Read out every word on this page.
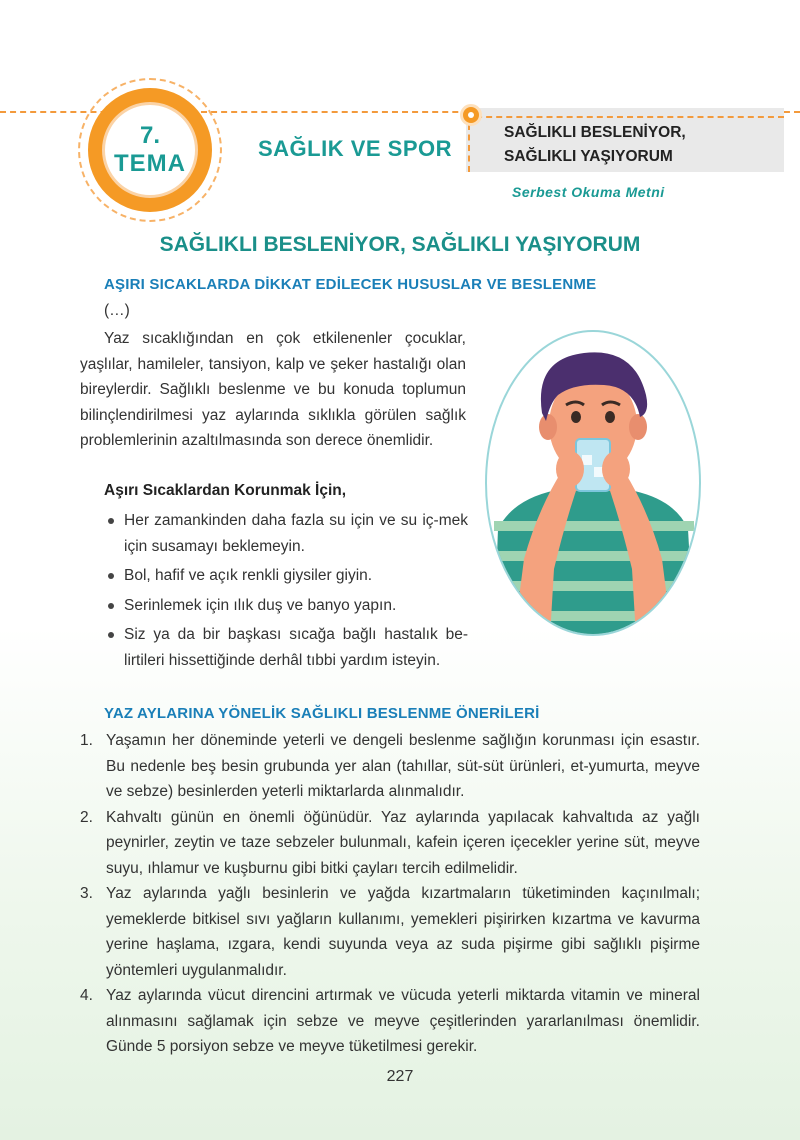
7.
TEMA
SAĞLIK VE SPOR
SAĞLIKLI BESLENİYOR,
SAĞLIKLI YAŞIYORUM
Serbest Okuma Metni
SAĞLIKLI BESLENİYOR, SAĞLIKLI YAŞIYORUM
AŞIRI SICAKLARDA DİKKAT EDİLECEK HUSUSLAR VE BESLENME
(…)
Yaz sıcaklığından en çok etkilenenler çocuklar, yaşlılar, hamileler, tansiyon, kalp ve şeker hastalığı olan bireylerdir. Sağlıklı beslenme ve bu konuda toplumun bilinçlendirilmesi yaz aylarında sıklıkla görülen sağlık problemlerinin azaltılmasında son derece önemlidir.
Aşırı Sıcaklardan Korunmak İçin,
Her zamankinden daha fazla su için ve su iç-mek için susamayı beklemeyin.
Bol, hafif ve açık renkli giysiler giyin.
Serinlemek için ılık duş ve banyo yapın.
Siz ya da bir başkası sıcağa bağlı hastalık be-lirtileri hissettiğinde derhâl tıbbi yardım isteyin.
YAZ AYLARINA YÖNELİK SAĞLIKLI BESLENME ÖNERİLERİ
1. Yaşamın her döneminde yeterli ve dengeli beslenme sağlığın korunması için esastır. Bu nedenle beş besin grubunda yer alan (tahıllar, süt-süt ürünleri, et-yumurta, meyve ve sebze) besinlerden yeterli miktarlarda alınmalıdır.
2. Kahvaltı günün en önemli öğünüdür. Yaz aylarında yapılacak kahvaltıda az yağlı peynirler, zeytin ve taze sebzeler bulunmalı, kafein içeren içecekler yerine süt, meyve suyu, ıhlamur ve kuşburnu gibi bitki çayları tercih edilmelidir.
3. Yaz aylarında yağlı besinlerin ve yağda kızartmaların tüketiminden kaçınılmalı; yemeklerde bitkisel sıvı yağların kullanımı, yemekleri pişirirken kızartma ve kavurma yerine haşlama, ızgara, kendi suyunda veya az suda pişirme gibi sağlıklı pişirme yöntemleri uygulanmalıdır.
4. Yaz aylarında vücut direncini artırmak ve vücuda yeterli miktarda vitamin ve mineral alınmasını sağlamak için sebze ve meyve çeşitlerinden yararlanılması önemlidir. Günde 5 porsiyon sebze ve meyve tüketilmesi gerekir.
227
